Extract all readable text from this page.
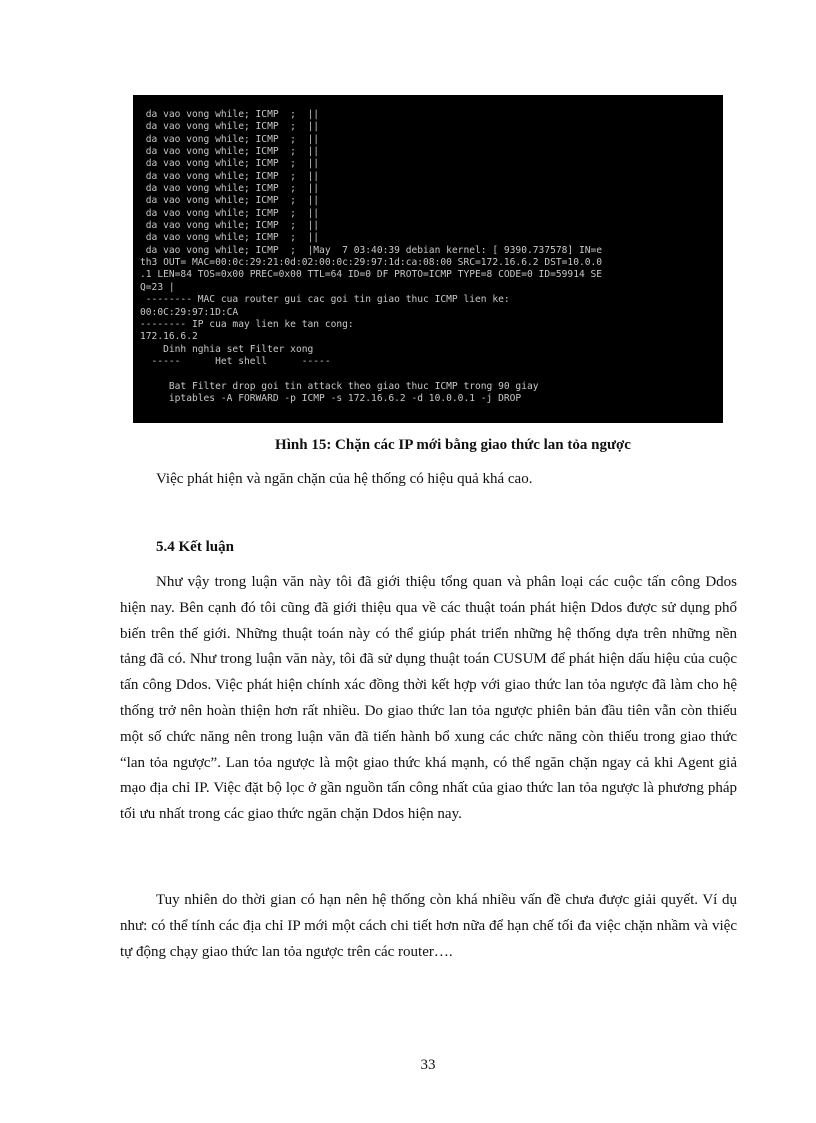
da vao vong while; ICMP  ;  ||
da vao vong while; ICMP  ;  ||
da vao vong while; ICMP  ;  ||
da vao vong while; ICMP  ;  ||
da vao vong while; ICMP  ;  ||
da vao vong while; ICMP  ;  ||
da vao vong while; ICMP  ;  ||
da vao vong while; ICMP  ;  ||
da vao vong while; ICMP  ;  ||
da vao vong while; ICMP  ;  ||
da vao vong while; ICMP  ;  ||
da vao vong while; ICMP  ;  |May  7 03:40:39 debian kernel: [ 9390.737578] IN=e
th3 OUT= MAC=00:0c:29:21:0d:02:00:0c:29:97:1d:ca:08:00 SRC=172.16.6.2 DST=10.0.0
.1 LEN=84 TOS=0x00 PREC=0x00 TTL=64 ID=0 DF PROTO=ICMP TYPE=8 CODE=0 ID=59914 SE
Q=23 |
-------- MAC cua router gui cac goi tin giao thuc ICMP lien ke:
00:0C:29:97:1D:CA
-------- IP cua may lien ke tan cong:
172.16.6.2
Dinh nghia set Filter xong
-----      Het shell      -----
Bat Filter drop goi tin attack theo giao thuc ICMP trong 90 giay
iptables -A FORWARD -p ICMP -s 172.16.6.2 -d 10.0.0.1 -j DROP
Hình 15: Chặn các IP mới bằng giao thức lan tỏa ngược
Việc phát hiện và ngăn chặn của hệ thống có hiệu quả khá cao.
5.4 Kết luận

Như vậy trong luận văn này tôi đã giới thiệu tổng quan và phân loại các cuộc tấn công Ddos hiện nay. Bên cạnh đó tôi cũng đã giới thiệu qua về các thuật toán phát hiện Ddos được sử dụng phổ biến trên thế giới. Những thuật toán này có thể giúp phát triển những hệ thống dựa trên những nền tảng đã có. Như trong luận văn này, tôi đã sử dụng thuật toán CUSUM để phát hiện dấu hiệu của cuộc tấn công Ddos. Việc phát hiện chính xác đồng thời kết hợp với giao thức lan tỏa ngược đã làm cho hệ thống trở nên hoàn thiện hơn rất nhiều. Do giao thức lan tỏa ngược phiên bản đầu tiên vẫn còn thiếu một số chức năng nên trong luận văn đã tiến hành bổ xung các chức năng còn thiếu trong giao thức “lan tỏa ngược”. Lan tỏa ngược là một giao thức khá mạnh, có thể ngăn chặn ngay cả khi Agent giả mạo địa chỉ IP. Việc đặt bộ lọc ở gần nguồn tấn công nhất của giao thức lan tỏa ngược là phương pháp tối ưu nhất trong các giao thức ngăn chặn Ddos hiện nay.

Tuy nhiên do thời gian có hạn nên hệ thống còn khá nhiều vấn đề chưa được giải quyết. Ví dụ như: có thể tính các địa chỉ IP mới một cách chi tiết hơn nữa để hạn chế tối đa việc chặn nhầm và việc tự động chạy giao thức lan tỏa ngược trên các router….

33
